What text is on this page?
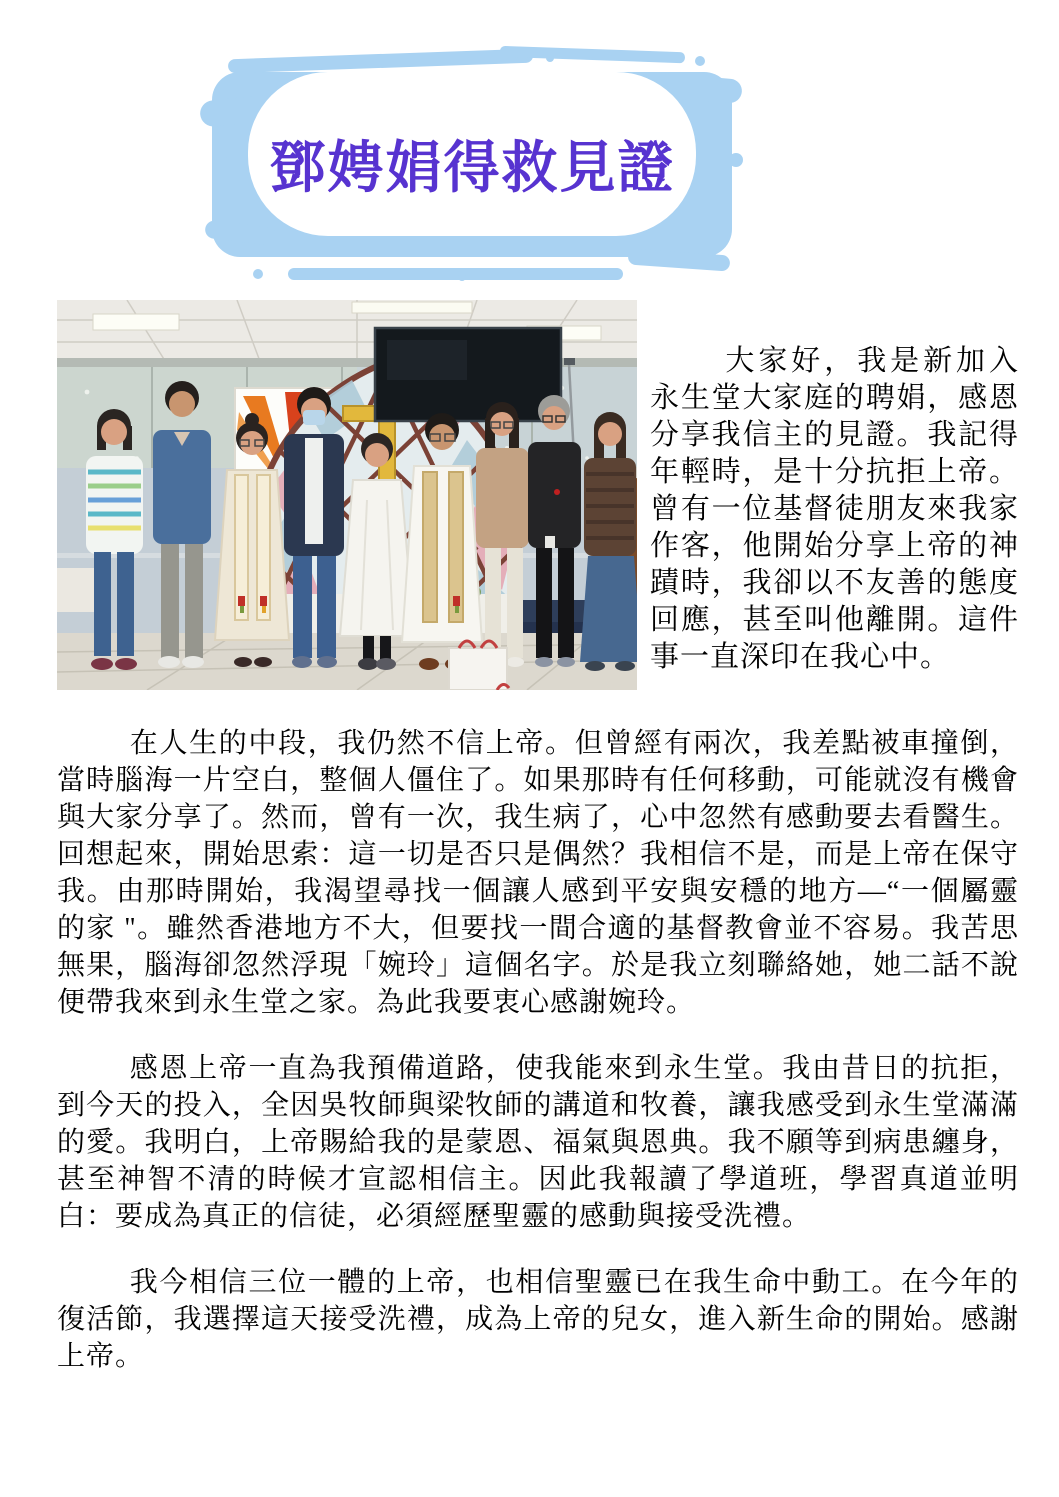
鄧娉娟得救見證

大家好，我是新加入永生堂大家庭的聘娟，感恩分享我信主的見證。我記得年輕時，是十分抗拒上帝。曾有一位基督徒朋友來我家作客，他開始分享上帝的神蹟時，我卻以不友善的態度回應，甚至叫他離開。這件事一直深印在我心中。

在人生的中段，我仍然不信上帝。但曾經有兩次，我差點被車撞倒，當時腦海一片空白，整個人僵住了。如果那時有任何移動，可能就沒有機會與大家分享了。然而，曾有一次，我生病了，心中忽然有感動要去看醫生。回想起來，開始思索：這一切是否只是偶然？我相信不是，而是上帝在保守我。由那時開始，我渴望尋找一個讓人感到平安與安穩的地方—“一個屬靈的家 "。雖然香港地方不大，但要找一間合適的基督教會並不容易。我苦思無果，腦海卻忽然浮現「婉玲」這個名字。於是我立刻聯絡她，她二話不說便帶我來到永生堂之家。為此我要衷心感謝婉玲。

感恩上帝一直為我預備道路，使我能來到永生堂。我由昔日的抗拒，到今天的投入，全因吳牧師與梁牧師的講道和牧養，讓我感受到永生堂滿滿的愛。我明白，上帝賜給我的是蒙恩、福氣與恩典。我不願等到病患纏身，甚至神智不清的時候才宣認相信主。因此我報讀了學道班，學習真道並明白：要成為真正的信徒，必須經歷聖靈的感動與接受洗禮。

我今相信三位一體的上帝，也相信聖靈已在我生命中動工。在今年的復活節，我選擇這天接受洗禮，成為上帝的兒女，進入新生命的開始。感謝上帝。
